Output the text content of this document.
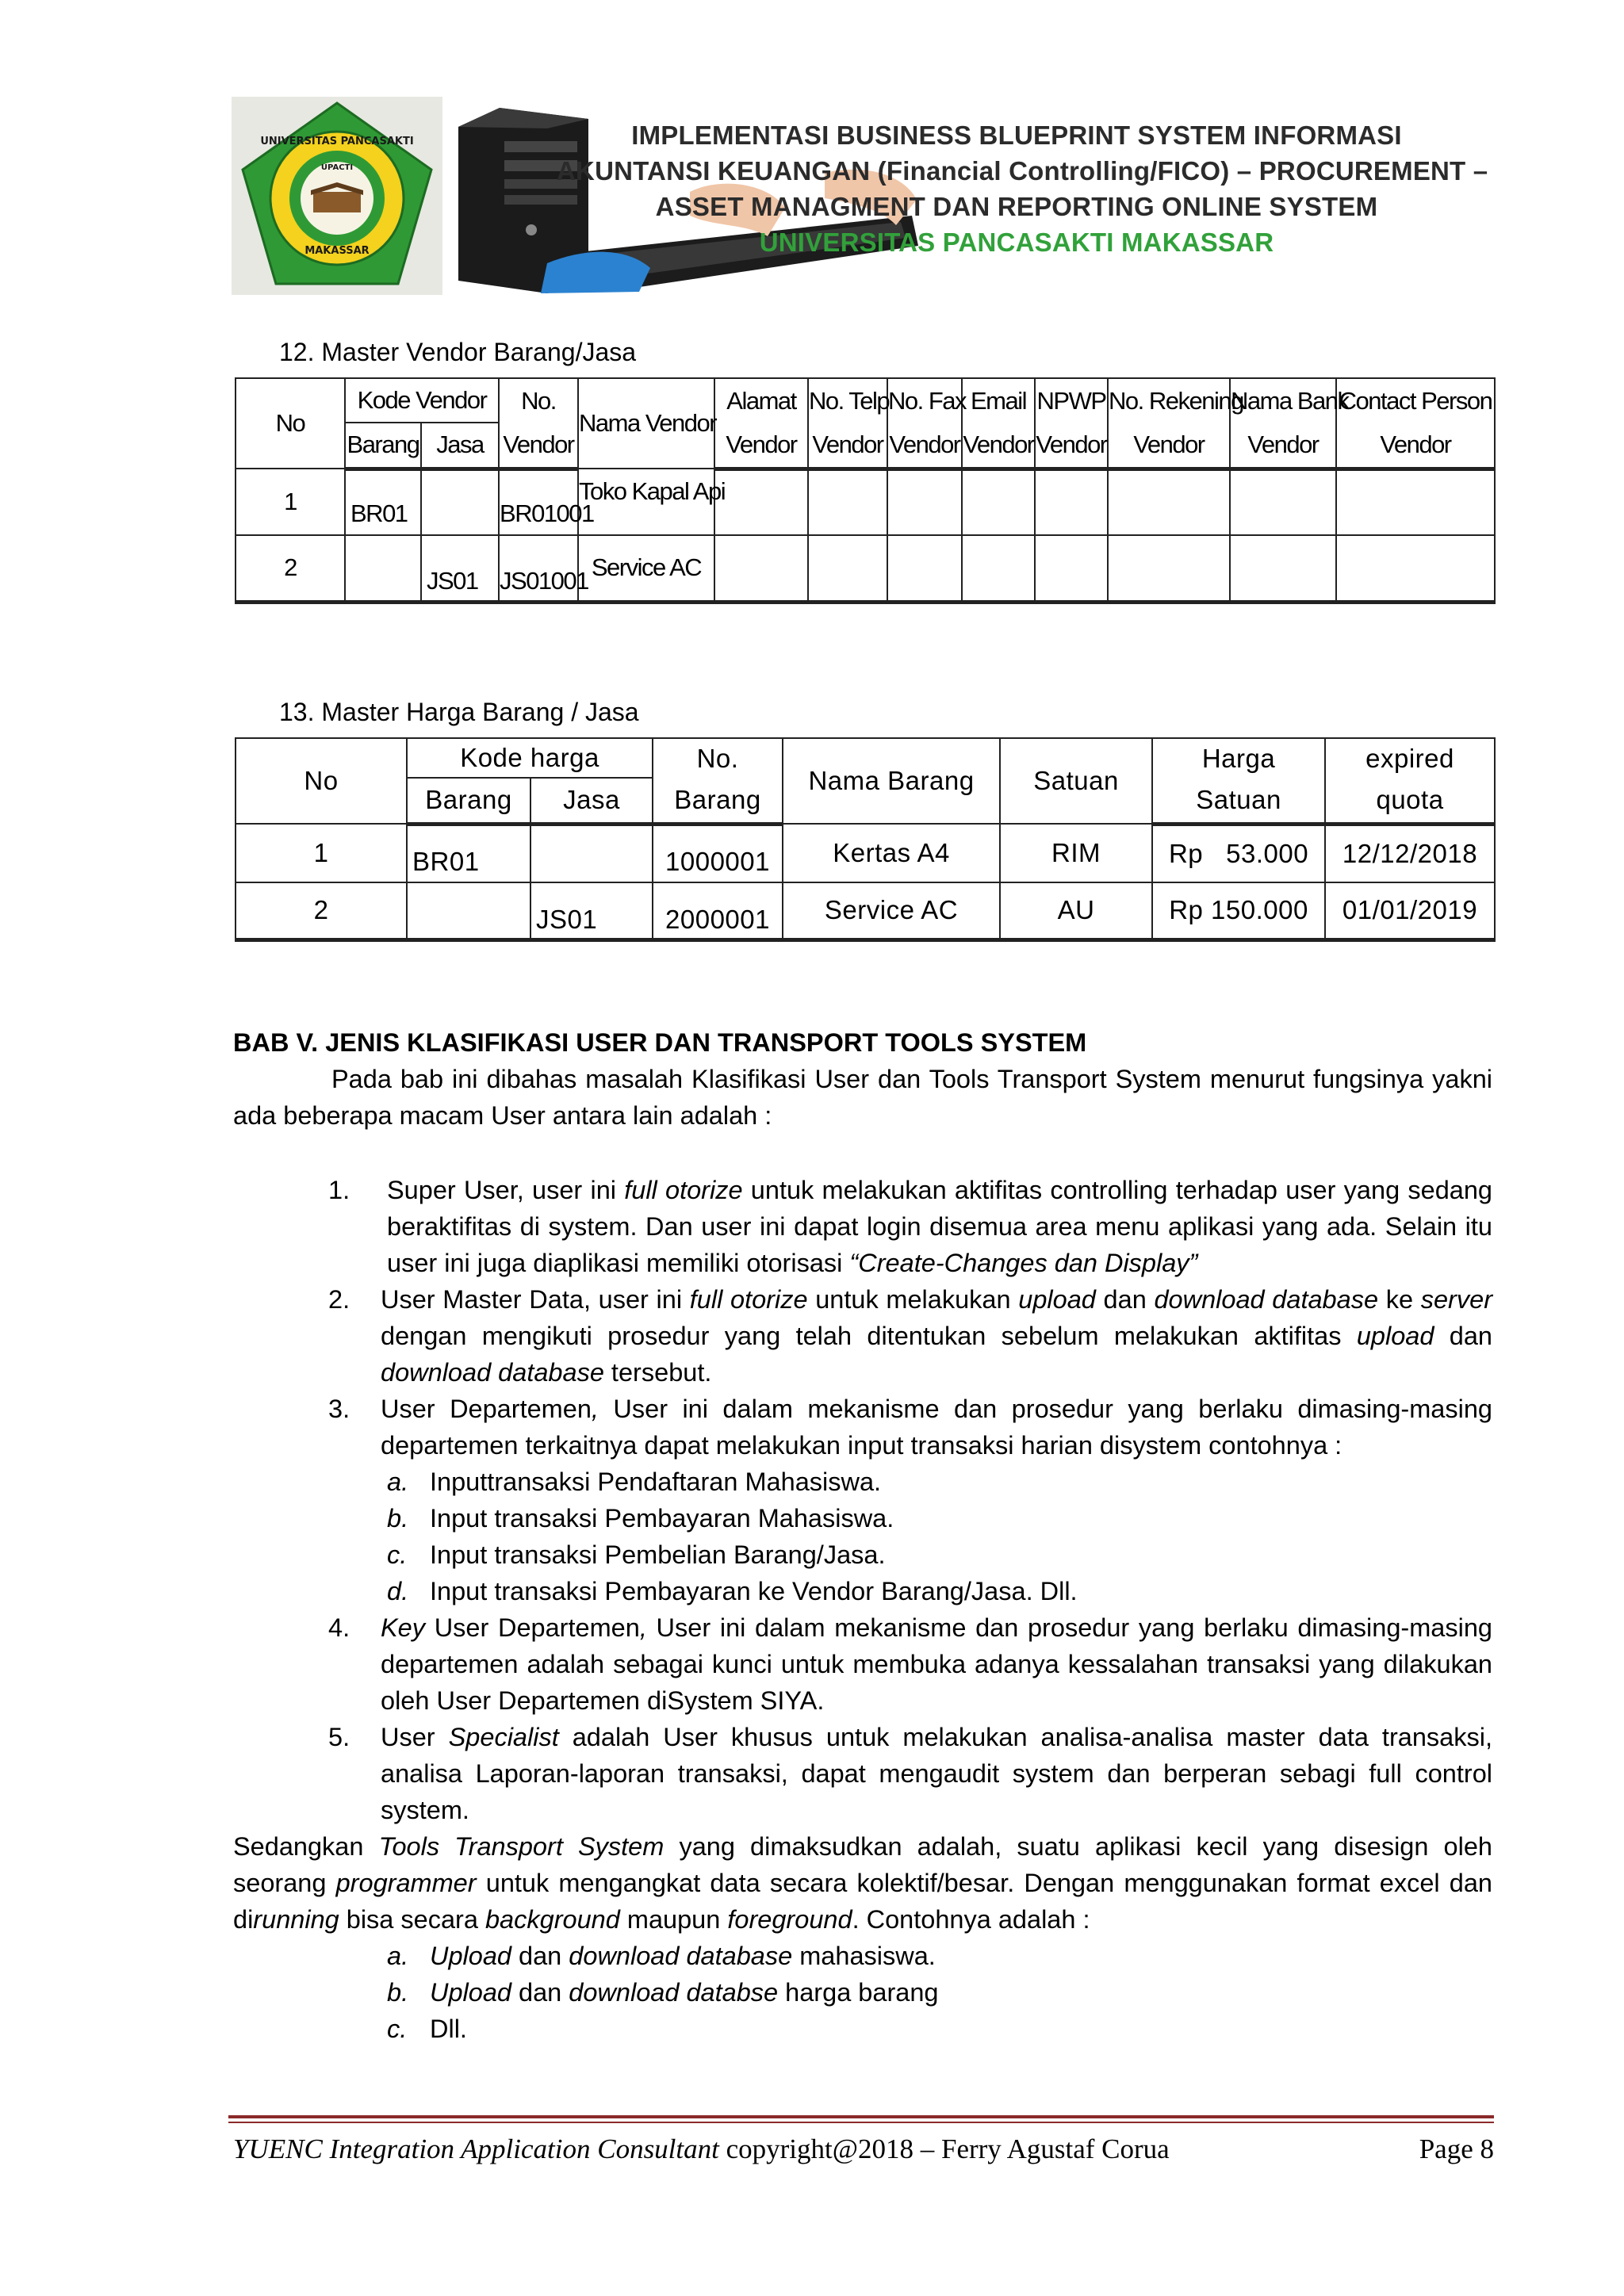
UNIVERSITAS PANCASAKTI
UPACTI
MAKASSAR
IMPLEMENTASI BUSINESS BLUEPRINT SYSTEM INFORMASI
AKUNTANSI KEUANGAN (Financial Controlling/FICO) – PROCUREMENT –
ASSET MANAGMENT DAN REPORTING ONLINE SYSTEM
UNIVERSITAS PANCASAKTI MAKASSAR
12. Master Vendor Barang/Jasa
No	Kode Vendor		No.	Nama Vendor	Alamat	No. Telp	No. Fax	Email	NPWP	No. Rekening	Nama Bank	Contact Person
	Barang	Jasa	Vendor		Vendor	Vendor	Vendor	Vendor	Vendor	Vendor	Vendor	Vendor
1	BR01		BR01001	Toko Kapal Api								
2		JS01	JS01001	Service AC								
13. Master Harga Barang / Jasa
No	Kode harga		No.	Nama Barang	Satuan	Harga	expired
	Barang	Jasa	Barang			Satuan	quota
1	BR01		1000001	Kertas A4	RIM	Rp   53.000	12/12/2018
2		JS01	2000001	Service AC	AU	Rp 150.000	01/01/2019
BAB V. JENIS KLASIFIKASI USER DAN TRANSPORT TOOLS SYSTEM
Pada bab ini dibahas masalah Klasifikasi User dan Tools Transport System menurut fungsinya yakni ada beberapa macam User antara lain adalah :
1. Super User, user ini full otorize untuk melakukan aktifitas controlling terhadap user yang sedang beraktifitas di system. Dan user ini dapat login disemua area menu aplikasi yang ada. Selain itu user ini juga diaplikasi memiliki otorisasi “Create-Changes dan Display”
2. User Master Data, user ini full otorize untuk melakukan upload dan download database ke server dengan mengikuti prosedur yang telah ditentukan sebelum melakukan aktifitas upload dan download database tersebut.
3. User Departemen, User ini dalam mekanisme dan prosedur yang berlaku dimasing-masing departemen terkaitnya dapat melakukan input transaksi harian disystem contohnya :
a. Inputtransaksi Pendaftaran Mahasiswa.
b. Input transaksi Pembayaran Mahasiswa.
c. Input transaksi Pembelian Barang/Jasa.
d. Input transaksi Pembayaran ke Vendor Barang/Jasa. Dll.
4. Key User Departemen, User ini dalam mekanisme dan prosedur yang berlaku dimasing-masing departemen adalah sebagai kunci untuk membuka adanya kessalahan transaksi yang dilakukan oleh User Departemen diSystem SIYA.
5. User Specialist adalah User khusus untuk melakukan analisa-analisa master data transaksi, analisa Laporan-laporan transaksi, dapat mengaudit system dan berperan sebagi full control system.
Sedangkan Tools Transport System yang dimaksudkan adalah, suatu aplikasi kecil yang disesign oleh seorang programmer untuk mengangkat data secara kolektif/besar. Dengan menggunakan format excel dan dirunning bisa secara background maupun foreground. Contohnya adalah :
a. Upload dan download database mahasiswa.
b. Upload dan download databse harga barang
c. Dll.
YUENC Integration Application Consultant copyright@2018 – Ferry Agustaf Corua	Page 8
